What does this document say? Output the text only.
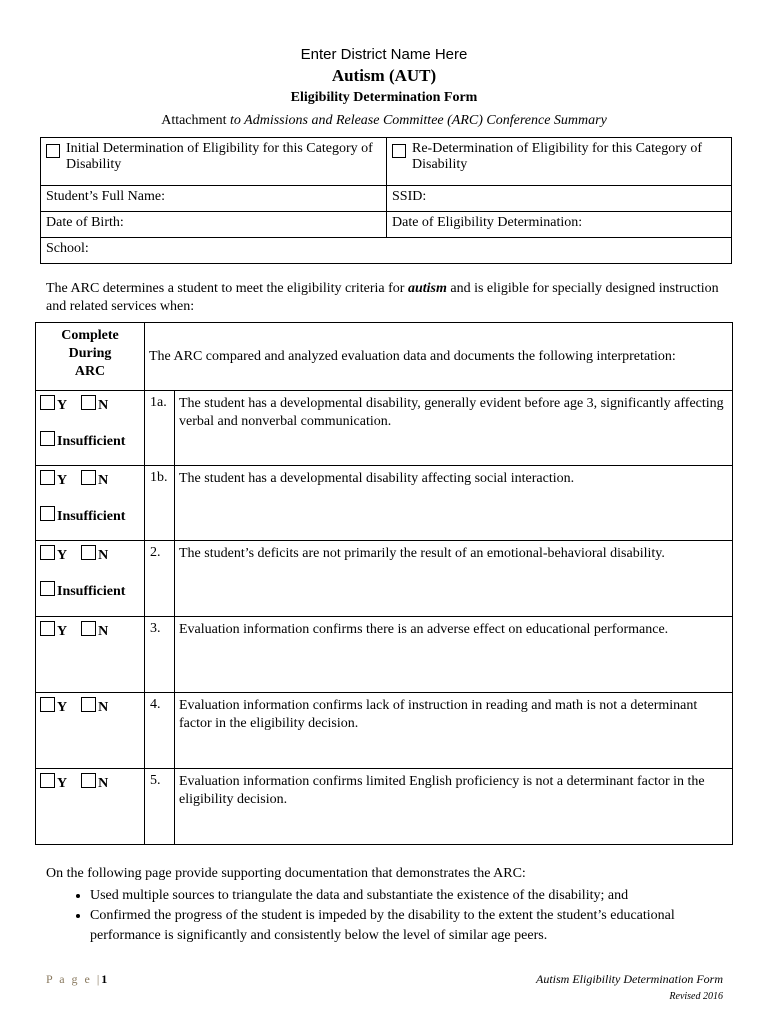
Enter District Name Here
Autism (AUT)
Eligibility Determination Form
Attachment to Admissions and Release Committee (ARC) Conference Summary
Initial Determination of Eligibility for this Category of Disability	Re-Determination of Eligibility for this Category of Disability

Student’s Full Name:	SSID:
Date of Birth:	Date of Eligibility Determination:
School:	
The ARC determines a student to meet the eligibility criteria for autism and is eligible for specially designed instruction and related services when:
Complete
During
ARC	The ARC compared and analyzed evaluation data and documents the following interpretation:	
Y N
Insufficient	1a.	The student has a developmental disability, generally evident before age 3, significantly affecting verbal and nonverbal communication.
Y N
Insufficient	1b.	The student has a developmental disability affecting social interaction.
Y N
Insufficient	2.	The student’s deficits are not primarily the result of an emotional-behavioral disability.
Y N	3.	Evaluation information confirms there is an adverse effect on educational performance.
Y N	4.	Evaluation information confirms lack of instruction in reading and math is not a determinant factor in the eligibility decision.
Y N	5.	Evaluation information confirms limited English proficiency is not a determinant factor in the eligibility decision.
On the following page provide supporting documentation that demonstrates the ARC:
• Used multiple sources to triangulate the data and substantiate the existence of the disability; and
• Confirmed the progress of the student is impeded by the disability to the extent the student’s educational performance is significantly and consistently below the level of similar age peers.
P a g e |1	Autism Eligibility Determination Form
Revised 2016
